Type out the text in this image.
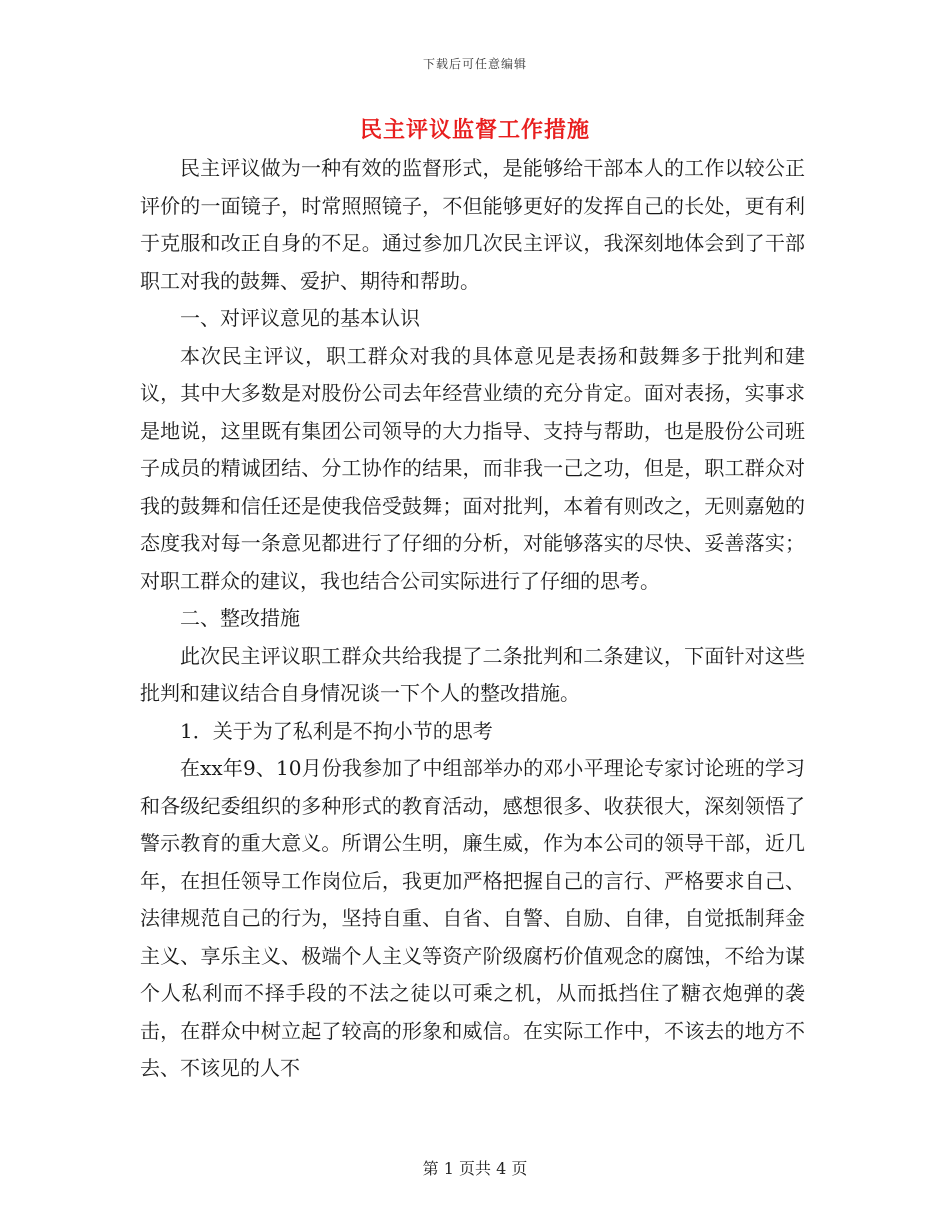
下载后可任意编辑
民主评议监督工作措施

民主评议做为一种有效的监督形式，是能够给干部本人的工作以较公正评价的一面镜子，时常照照镜子，不但能够更好的发挥自己的长处，更有利于克服和改正自身的不足。通过参加几次民主评议，我深刻地体会到了干部职工对我的鼓舞、爱护、期待和帮助。

一、对评议意见的基本认识

本次民主评议，职工群众对我的具体意见是表扬和鼓舞多于批判和建议，其中大多数是对股份公司去年经营业绩的充分肯定。面对表扬，实事求是地说，这里既有集团公司领导的大力指导、支持与帮助，也是股份公司班子成员的精诚团结、分工协作的结果，而非我一己之功，但是，职工群众对我的鼓舞和信任还是使我倍受鼓舞；面对批判，本着有则改之，无则嘉勉的态度我对每一条意见都进行了仔细的分析，对能够落实的尽快、妥善落实；对职工群众的建议，我也结合公司实际进行了仔细的思考。

二、整改措施

此次民主评议职工群众共给我提了二条批判和二条建议，下面针对这些批判和建议结合自身情况谈一下个人的整改措施。

1．关于为了私利是不拘小节的思考

在xx年9、10月份我参加了中组部举办的邓小平理论专家讨论班的学习和各级纪委组织的多种形式的教育活动，感想很多、收获很大，深刻领悟了警示教育的重大意义。所谓公生明，廉生威，作为本公司的领导干部，近几年，在担任领导工作岗位后，我更加严格把握自己的言行、严格要求自己、法律规范自己的行为，坚持自重、自省、自警、自励、自律，自觉抵制拜金主义、享乐主义、极端个人主义等资产阶级腐朽价值观念的腐蚀，不给为谋个人私利而不择手段的不法之徒以可乘之机，从而抵挡住了糖衣炮弹的袭击，在群众中树立起了较高的形象和威信。在实际工作中，不该去的地方不去、不该见的人不

第 1 页共 4 页
